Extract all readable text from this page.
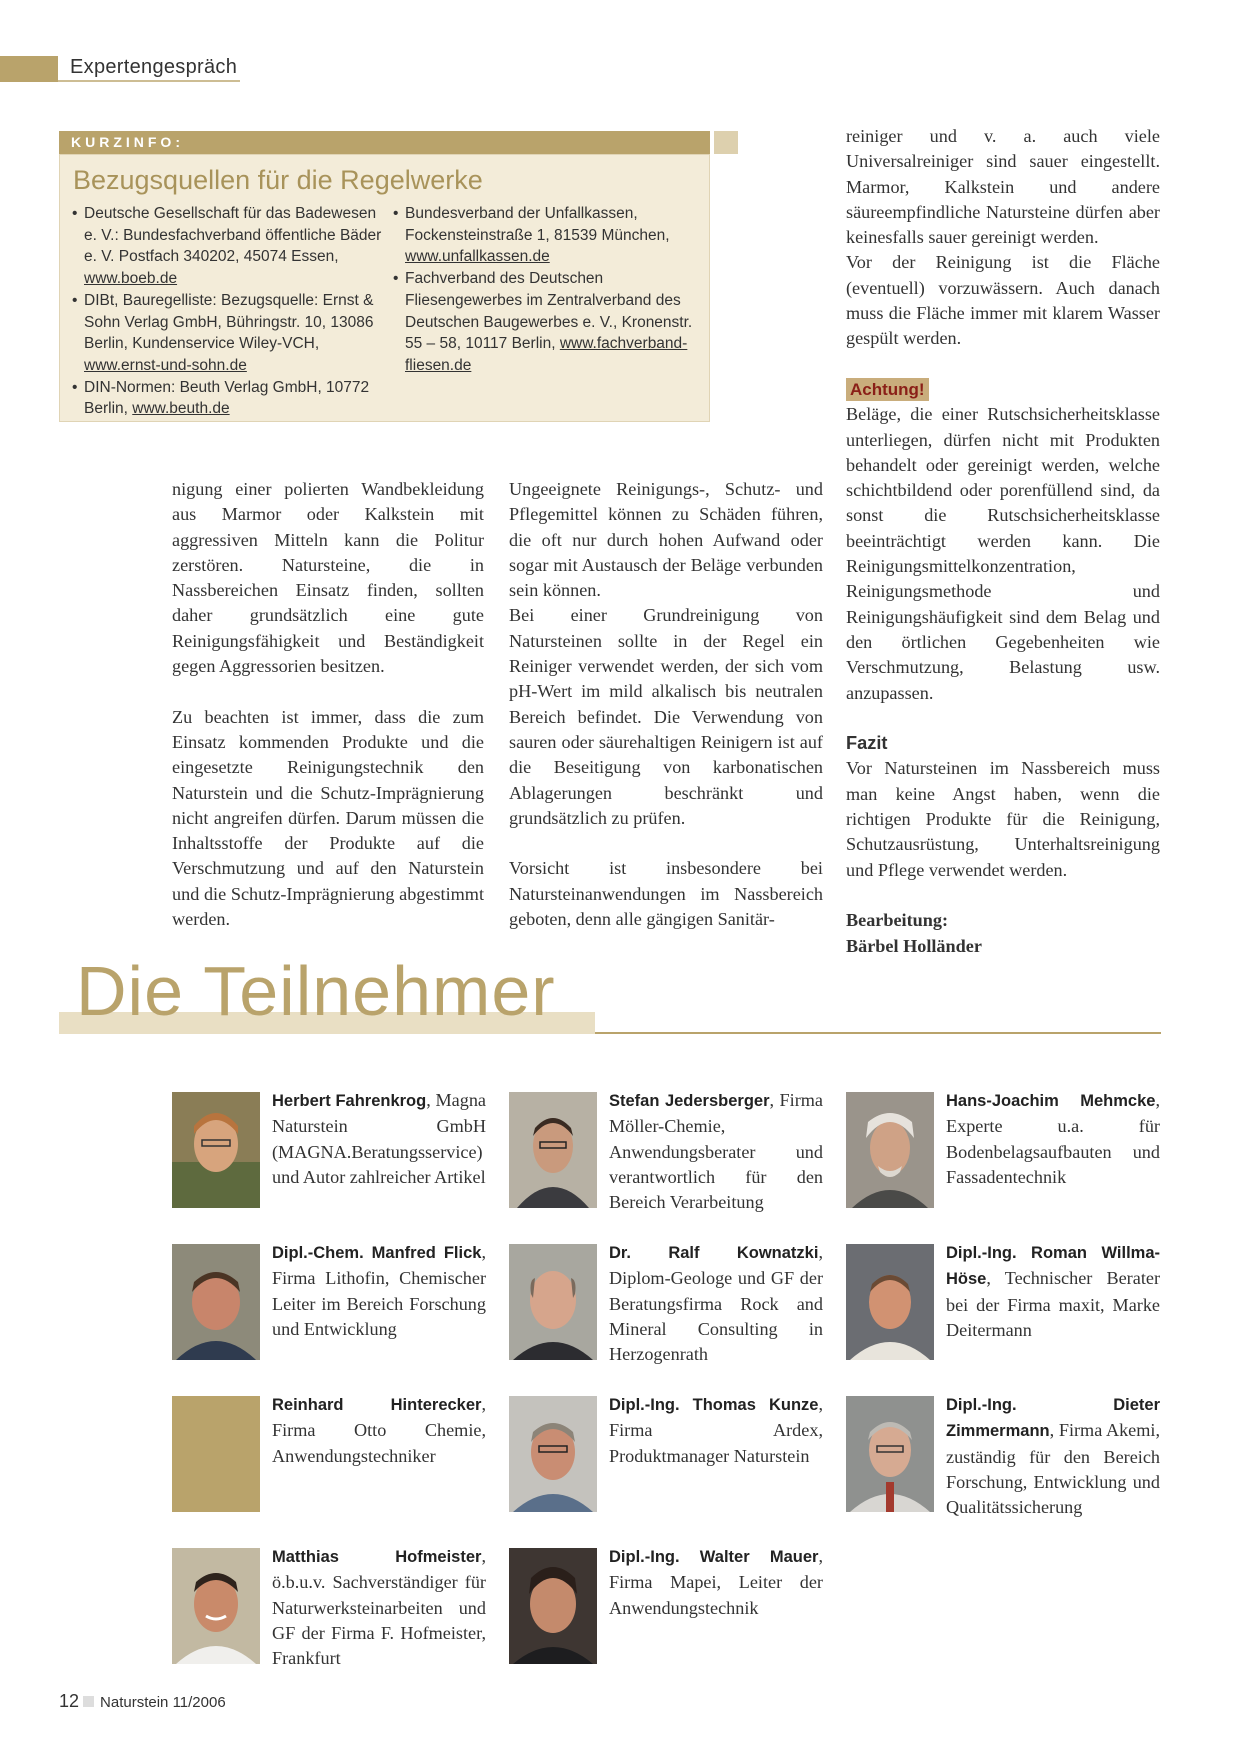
Expertengespräch
KURZINFO:
Bezugsquellen für die Regelwerke
• Deutsche Gesellschaft für das Badewesen e. V.: Bundesfachverband öffentliche Bäder e. V. Postfach 340202, 45074 Essen, www.boeb.de
• DIBt, Bauregelliste: Bezugsquelle: Ernst & Sohn Verlag GmbH, Bühringstr. 10, 13086 Berlin, Kundenservice Wiley-VCH, www.ernst-und-sohn.de
• DIN-Normen: Beuth Verlag GmbH, 10772 Berlin, www.beuth.de
• Bundesverband der Unfallkassen, Fockensteinstraße 1, 81539 München, www.unfallkassen.de
• Fachverband des Deutschen Fliesengewerbes im Zentralverband des Deutschen Baugewerbes e. V., Kronenstr. 55 – 58, 10117 Berlin, www.fachverband-fliesen.de

nigung einer polierten Wandbekleidung aus Marmor oder Kalkstein mit aggressiven Mitteln kann die Politur zerstören. Natursteine, die in Nassbereichen Einsatz finden, sollten daher grundsätzlich eine gute Reinigungsfähigkeit und Beständigkeit gegen Aggressorien besitzen.

Zu beachten ist immer, dass die zum Einsatz kommenden Produkte und die eingesetzte Reinigungstechnik den Naturstein und die Schutz-Imprägnierung nicht angreifen dürfen. Darum müssen die Inhaltsstoffe der Produkte auf die Verschmutzung und auf den Naturstein und die Schutz-Imprägnierung abgestimmt werden.

Ungeeignete Reinigungs-, Schutz- und Pflegemittel können zu Schäden führen, die oft nur durch hohen Aufwand oder sogar mit Austausch der Beläge verbunden sein können.

Bei einer Grundreinigung von Natursteinen sollte in der Regel ein Reiniger verwendet werden, der sich vom pH-Wert im mild alkalisch bis neutralen Bereich befindet. Die Verwendung von sauren oder säurehaltigen Reinigern ist auf die Beseitigung von karbonatischen Ablagerungen beschränkt und grundsätzlich zu prüfen.

Vorsicht ist insbesondere bei Natursteinanwendungen im Nassbereich geboten, denn alle gängigen Sanitär-

reiniger und v. a. auch viele Universalreiniger sind sauer eingestellt. Marmor, Kalkstein und andere säureempfindliche Natursteine dürfen aber keinesfalls sauer gereinigt werden.

Vor der Reinigung ist die Fläche (eventuell) vorzuwässern. Auch danach muss die Fläche immer mit klarem Wasser gespült werden.

Achtung!

Beläge, die einer Rutschsicherheitsklasse unterliegen, dürfen nicht mit Produkten behandelt oder gereinigt werden, welche schichtbildend oder porenfüllend sind, da sonst die Rutschsicherheitsklasse beeinträchtigt werden kann. Die Reinigungsmittelkonzentration, Reinigungsmethode und Reinigungshäufigkeit sind dem Belag und den örtlichen Gegebenheiten wie Verschmutzung, Belastung usw. anzupassen.

Fazit

Vor Natursteinen im Nassbereich muss man keine Angst haben, wenn die richtigen Produkte für die Reinigung, Schutzausrüstung, Unterhaltsreinigung und Pflege verwendet werden.

Bearbeitung:

Bärbel Holländer

Die Teilnehmer
Herbert Fahrenkrog, Magna Naturstein GmbH (MAGNA.Beratungsservice) und Autor zahlreicher Artikel
Stefan Jedersberger, Firma Möller-Chemie, Anwendungsberater und verantwortlich für den Bereich Verarbeitung
Hans-Joachim Mehmcke, Experte u.a. für Bodenbelagsaufbauten und Fassadentechnik
Dipl.-Chem. Manfred Flick, Firma Lithofin, Chemischer Leiter im Bereich Forschung und Entwicklung
Dr. Ralf Kownatzki, Diplom-Geologe und GF der Beratungsfirma Rock and Mineral Consulting in Herzogenrath
Dipl.-Ing. Roman Willma-Höse, Technischer Berater bei der Firma maxit, Marke Deitermann
Reinhard Hinterecker, Firma Otto Chemie, Anwendungstechniker
Dipl.-Ing. Thomas Kunze, Firma Ardex, Produktmanager Naturstein
Dipl.-Ing. Dieter Zimmermann, Firma Akemi, zuständig für den Bereich Forschung, Entwicklung und Qualitätssicherung
Matthias Hofmeister, ö.b.u.v. Sachverständiger für Naturwerksteinarbeiten und GF der Firma F. Hofmeister, Frankfurt
Dipl.-Ing. Walter Mauer, Firma Mapei, Leiter der Anwendungstechnik
12 Naturstein 11/2006
